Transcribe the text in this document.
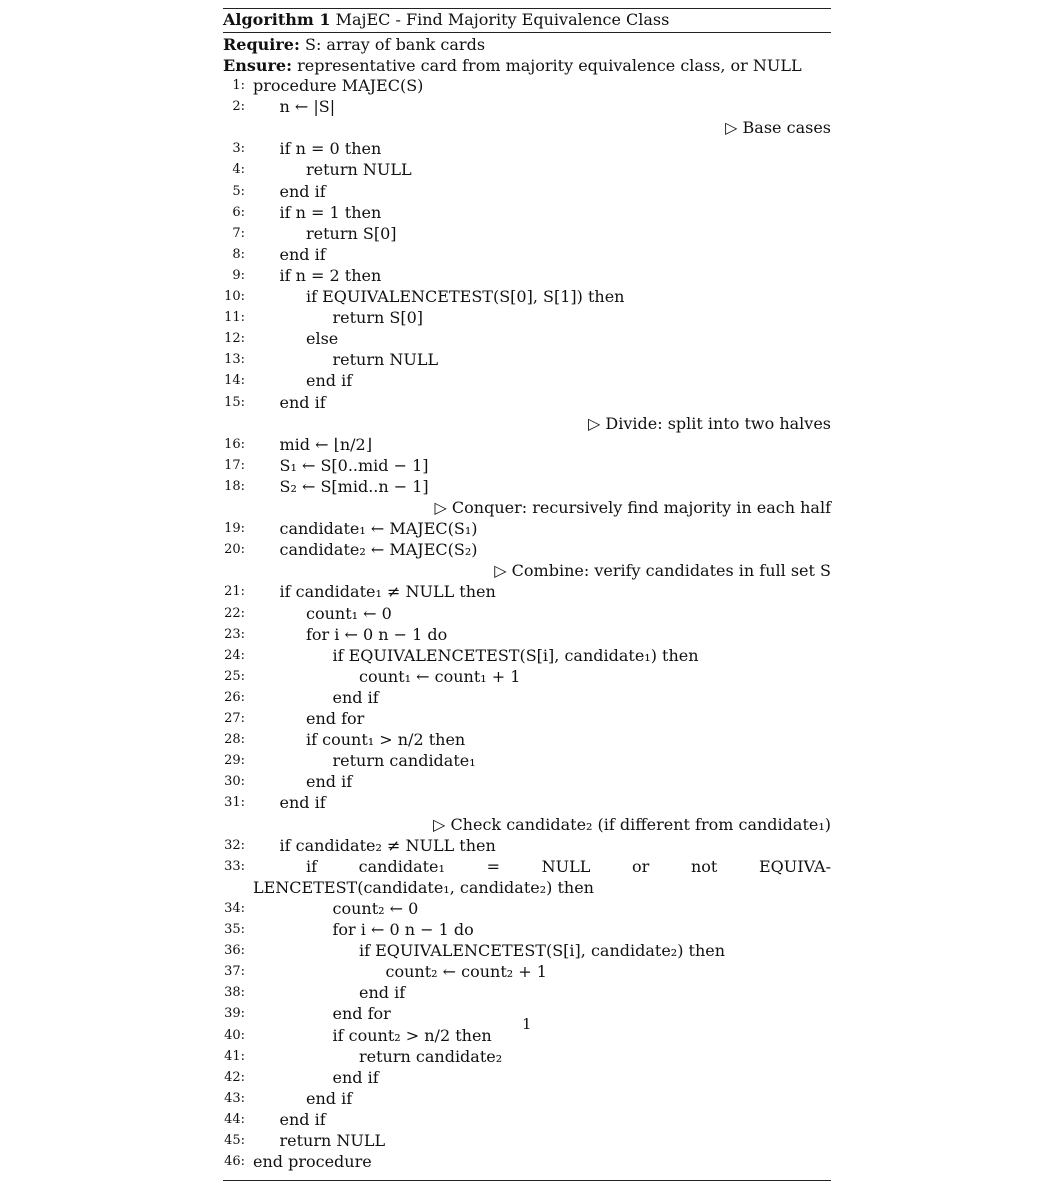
Algorithm 1 MajEC - Find Majority Equivalence Class
Require: S: array of bank cards
Ensure: representative card from majority equivalence class, or NULL
1: procedure MAJEC(S)
2: n ← |S|
▷ Base cases
3: if n = 0 then
4:	return NULL
5: end if
6: if n = 1 then
7:	return S[0]
8: end if
9: if n = 2 then
10:	if EQUIVALENCETEST(S[0], S[1]) then
11:	return S[0]
12:	else
13:	return NULL
14:	end if
15: end if
▷ Divide: split into two halves
16: mid ← ⌊n/2⌋
17: S₁ ← S[0..mid − 1]
18: S₂ ← S[mid..n − 1]
▷ Conquer: recursively find majority in each half
19: candidate₁ ← MAJEC(S₁)
20: candidate₂ ← MAJEC(S₂)
▷ Combine: verify candidates in full set S
21: if candidate₁ ≠ NULL then
22:	count₁ ← 0
23:	for i ← 0 n − 1 do
24:	if EQUIVALENCETEST(S[i], candidate₁) then
25:	count₁ ← count₁ + 1
26:	end if
27:	end for
28:	if count₁ > n/2 then
29:	return candidate₁
30:	end if
31: end if
▷ Check candidate₂ (if different from candidate₁)
32: if candidate₂ ≠ NULL then
33:	if candidate₁ = NULL or not EQUIVA-
LENCETEST(candidate₁, candidate₂) then
34:	count₂ ← 0
35:	for i ← 0 n − 1 do
36:	if EQUIVALENCETEST(S[i], candidate₂) then
37:	count₂ ← count₂ + 1
38:	end if
39:	end for
40:	if count₂ > n/2 then
41:	return candidate₂
42:	end if
43:	end if
44: end if
45: return NULL
46: end procedure
1
